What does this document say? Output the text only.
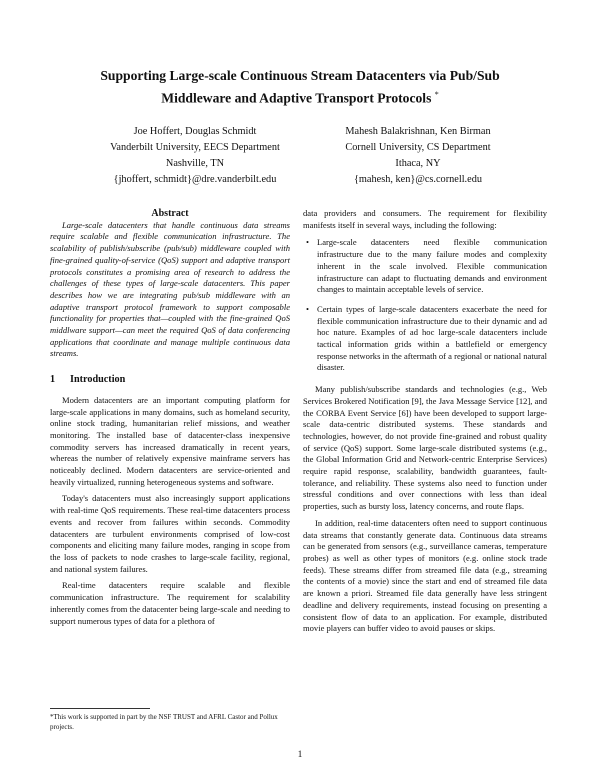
Supporting Large-scale Continuous Stream Datacenters via Pub/Sub
Middleware and Adaptive Transport Protocols *
Joe Hoffert, Douglas Schmidt
Vanderbilt University, EECS Department
Nashville, TN
{jhoffert, schmidt}@dre.vanderbilt.edu
Mahesh Balakrishnan, Ken Birman
Cornell University, CS Department
Ithaca, NY
{mahesh, ken}@cs.cornell.edu

Abstract

Large-scale datacenters that handle continuous data streams require scalable and flexible communication infrastructure. The scalability of publish/subscribe (pub/sub) middleware coupled with fine-grained quality-of-service (QoS) support and adaptive transport protocols constitutes a promising area of research to address the challenges of these types of large-scale datacenters. This paper describes how we are integrating pub/sub middleware with an adaptive transport protocol framework to support composable functionality for properties that—coupled with the fine-grained QoS middlware support—can meet the required QoS of data conferencing applications that coordinate and manage multiple continuous data streams.

1 Introduction

Modern datacenters are an important computing platform for large-scale applications in many domains, such as homeland security, online stock trading, humanitarian relief missions, and weather monitoring. The installed base of datacenter-class inexpensive commodity servers has increased dramatically in recent years, whereas the number of relatively expensive mainframe servers has noticeably declined. Modern datacenters are service-oriented and heavily virtualized, running heterogeneous systems and software.

Today's datacenters must also increasingly support applications with real-time QoS requirements. These real-time datacenters process events and recover from failures within seconds. Commodity datacenters are turbulent environments comprised of low-cost components and eliciting many failure modes, ranging in scope from the loss of packets to node crashes to large-scale facility, regional, and national system failures.

Real-time datacenters require scalable and flexible communication infrastructure. The requirement for scalability inherently comes from the datacenter being large-scale and needing to support numerous types of data for a plethora of

data providers and consumers. The requirement for flexibility manifests itself in several ways, including the following:

• Large-scale datacenters need flexible communication infrastructure due to the many failure modes and complexity inherent in the scale involved. Flexible communication infrastructure can adapt to fluctuating demands and environment changes to maintain acceptable levels of service.
• Certain types of large-scale datacenters exacerbate the need for flexible communication infrastructure due to their dynamic and ad hoc nature. Examples of ad hoc large-scale datacenters include tactical information grids within a battlefield or emergency response networks in the aftermath of a regional or national natural disaster.

Many publish/subscribe standards and technologies (e.g., Web Services Brokered Notification [9], the Java Message Service [12], and the CORBA Event Service [6]) have been developed to support large-scale data-centric distributed systems. These standards and technologies, however, do not provide fine-grained and robust quality of service (QoS) support. Some large-scale distributed systems (e.g., the Global Information Grid and Network-centric Enterprise Services) require rapid response, scalability, bandwidth guarantees, fault-tolerance, and reliability. These systems also need to function under stressful conditions and over connections with less than ideal properties, such as bursty loss, latency concerns, and route flaps.

In addition, real-time datacenters often need to support continuous data streams that constantly generate data. Continuous data streams can be generated from sensors (e.g., surveillance cameras, temperature probes) as well as other types of monitors (e.g. online stock trade feeds). These streams differ from streamed file data (e.g., streaming the contents of a movie) since the start and end of streamed file data are known a priori. Streamed file data generally have less stringent deadline and delivery requirements, instead focusing on presenting a consistent flow of data to an application. For example, distributed movie players can buffer video to avoid pauses or skips.

*This work is supported in part by the NSF TRUST and AFRL Castor and Pollux projects.
1
